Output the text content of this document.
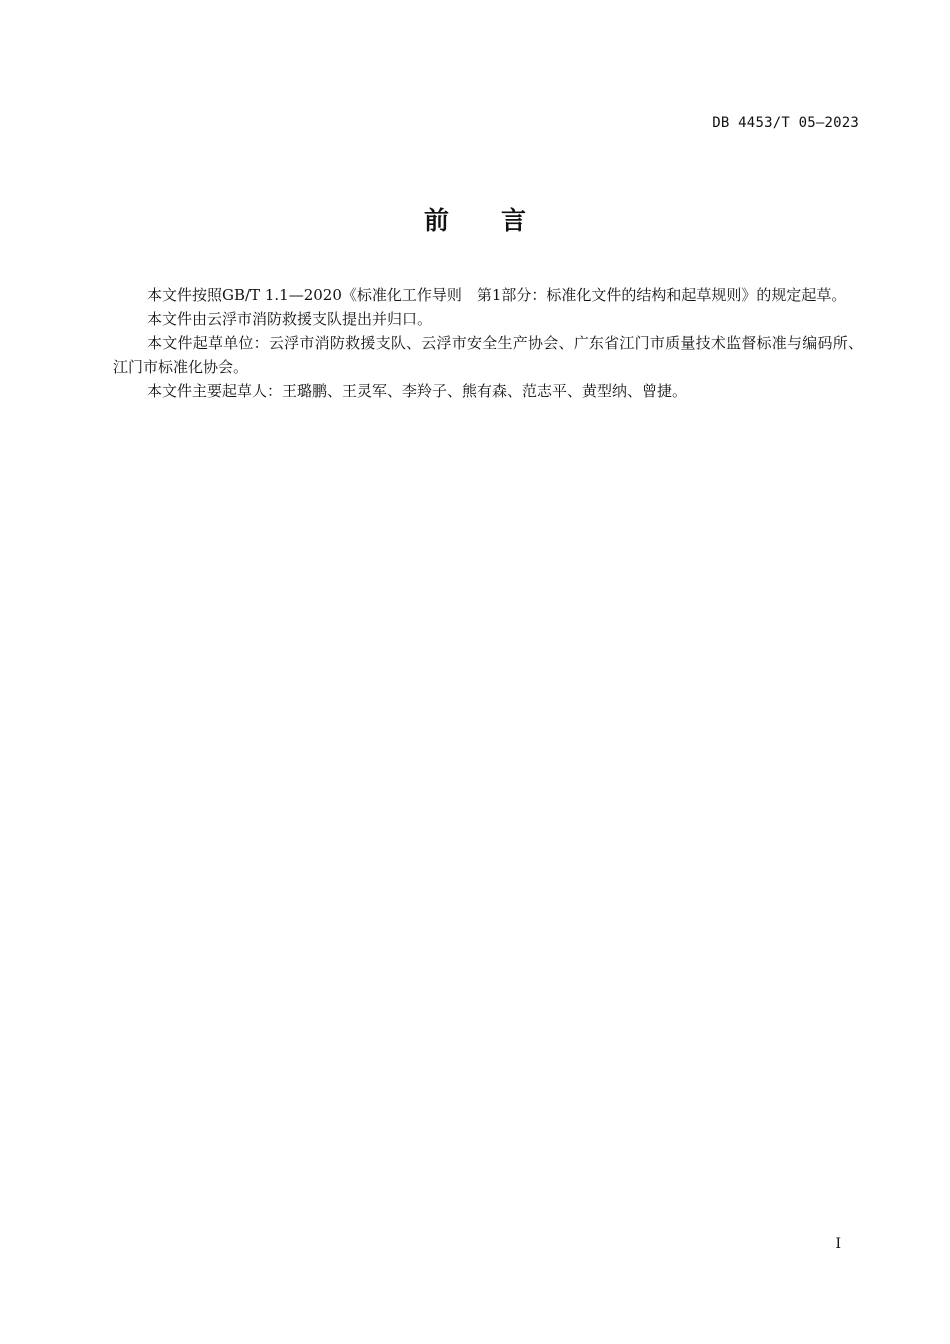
DB 4453/T 05—2023
前 言

本文件按照GB/T 1.1—2020《标准化工作导则　第1部分：标准化文件的结构和起草规则》的规定起草。

本文件由云浮市消防救援支队提出并归口。

本文件起草单位：云浮市消防救援支队、云浮市安全生产协会、广东省江门市质量技术监督标准与编码所、江门市标准化协会。

本文件主要起草人：王璐鹏、王灵军、李羚子、熊有森、范志平、黄型纳、曾捷。

I
